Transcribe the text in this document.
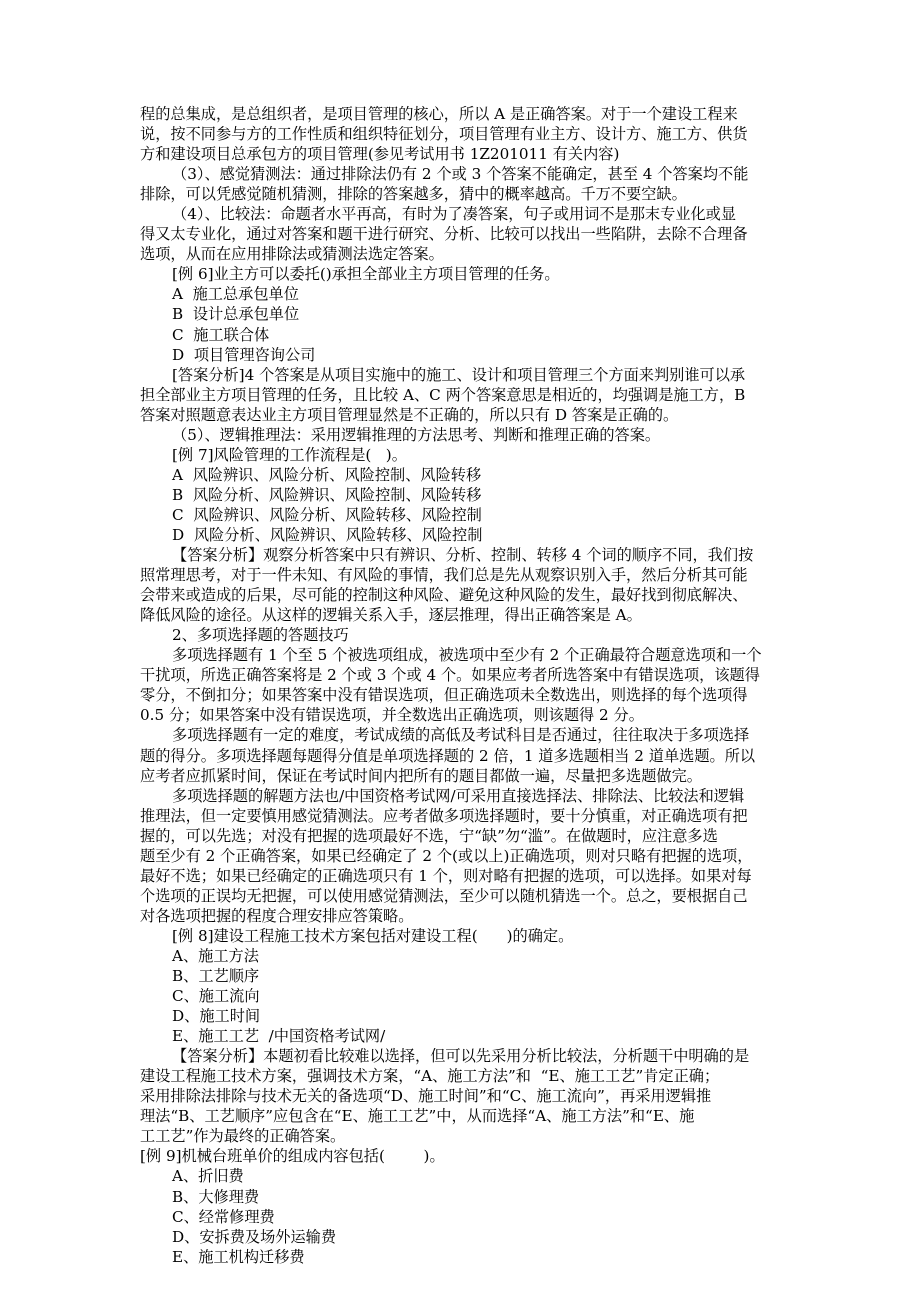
程的总集成，是总组织者，是项目管理的核心，所以 A 是正确答案。对于一个建设工程来
说，按不同参与方的工作性质和组织特征划分，项目管理有业主方、设计方、施工方、供货
方和建设项目总承包方的项目管理(参见考试用书 1Z201011 有关内容)
（3）、感觉猜测法：通过排除法仍有 2 个或 3 个答案不能确定，甚至 4 个答案均不能
排除，可以凭感觉随机猜测，排除的答案越多，猜中的概率越高。千万不要空缺。
（4）、比较法：命题者水平再高，有时为了凑答案，句子或用词不是那末专业化或显
得又太专业化，通过对答案和题干进行研究、分析、比较可以找出一些陷阱，去除不合理备
选项，从而在应用排除法或猜测法选定答案。
[例 6]业主方可以委托()承担全部业主方项目管理的任务。
A  施工总承包单位
B  设计总承包单位
C  施工联合体
D  项目管理咨询公司
[答案分析]4 个答案是从项目实施中的施工、设计和项目管理三个方面来判别谁可以承
担全部业主方项目管理的任务，且比较 A、C 两个答案意思是相近的，均强调是施工方，B
答案对照题意表达业主方项目管理显然是不正确的，所以只有 D 答案是正确的。
（5）、逻辑推理法：采用逻辑推理的方法思考、判断和推理正确的答案。
[例 7]风险管理的工作流程是(   )。
A  风险辨识、风险分析、风险控制、风险转移
B  风险分析、风险辨识、风险控制、风险转移
C  风险辨识、风险分析、风险转移、风险控制
D  风险分析、风险辨识、风险转移、风险控制
【答案分析】观察分析答案中只有辨识、分析、控制、转移 4 个词的顺序不同，我们按
照常理思考，对于一件未知、有风险的事情，我们总是先从观察识别入手，然后分析其可能
会带来或造成的后果，尽可能的控制这种风险、避免这种风险的发生，最好找到彻底解决、
降低风险的途径。从这样的逻辑关系入手，逐层推理，得出正确答案是 A。
2、多项选择题的答题技巧
多项选择题有 1 个至 5 个被选项组成，被选项中至少有 2 个正确最符合题意选项和一个
干扰项，所选正确答案将是 2 个或 3 个或 4 个。如果应考者所选答案中有错误选项，该题得
零分，不倒扣分；如果答案中没有错误选项，但正确选项未全数选出，则选择的每个选项得
0.5 分；如果答案中没有错误选项，并全数选出正确选项，则该题得 2 分。
多项选择题有一定的难度，考试成绩的高低及考试科目是否通过，往往取决于多项选择
题的得分。多项选择题每题得分值是单项选择题的 2 倍，1 道多选题相当 2 道单选题。所以
应考者应抓紧时间，保证在考试时间内把所有的题目都做一遍，尽量把多选题做完。
多项选择题的解题方法也/中国资格考试网/可采用直接选择法、排除法、比较法和逻辑
推理法，但一定要慎用感觉猜测法。应考者做多项选择题时，要十分慎重，对正确选项有把
握的，可以先选；对没有把握的选项最好不选，宁“缺”勿“滥”。在做题时，应注意多选
题至少有 2 个正确答案，如果已经确定了 2 个(或以上)正确选项，则对只略有把握的选项，
最好不选；如果已经确定的正确选项只有 1 个，则对略有把握的选项，可以选择。如果对每
个选项的正误均无把握，可以使用感觉猜测法，至少可以随机猜选一个。总之，要根据自己
对各选项把握的程度合理安排应答策略。
[例 8]建设工程施工技术方案包括对建设工程(      )的确定。
A、施工方法
B、工艺顺序
C、施工流向
D、施工时间
E、施工工艺  /中国资格考试网/
【答案分析】本题初看比较难以选择，但可以先采用分析比较法，分析题干中明确的是
建设工程施工技术方案，强调技术方案，“A、施工方法”和  “E、施工工艺”肯定正确；
采用排除法排除与技术无关的备选项“D、施工时间”和“C、施工流向”，再采用逻辑推
理法“B、工艺顺序”应包含在“E、施工工艺”中，从而选择“A、施工方法”和“E、施
工工艺”作为最终的正确答案。
[例 9]机械台班单价的组成内容包括(        )。
A、折旧费
B、大修理费
C、经常修理费
D、安拆费及场外运输费
E、施工机构迁移费
